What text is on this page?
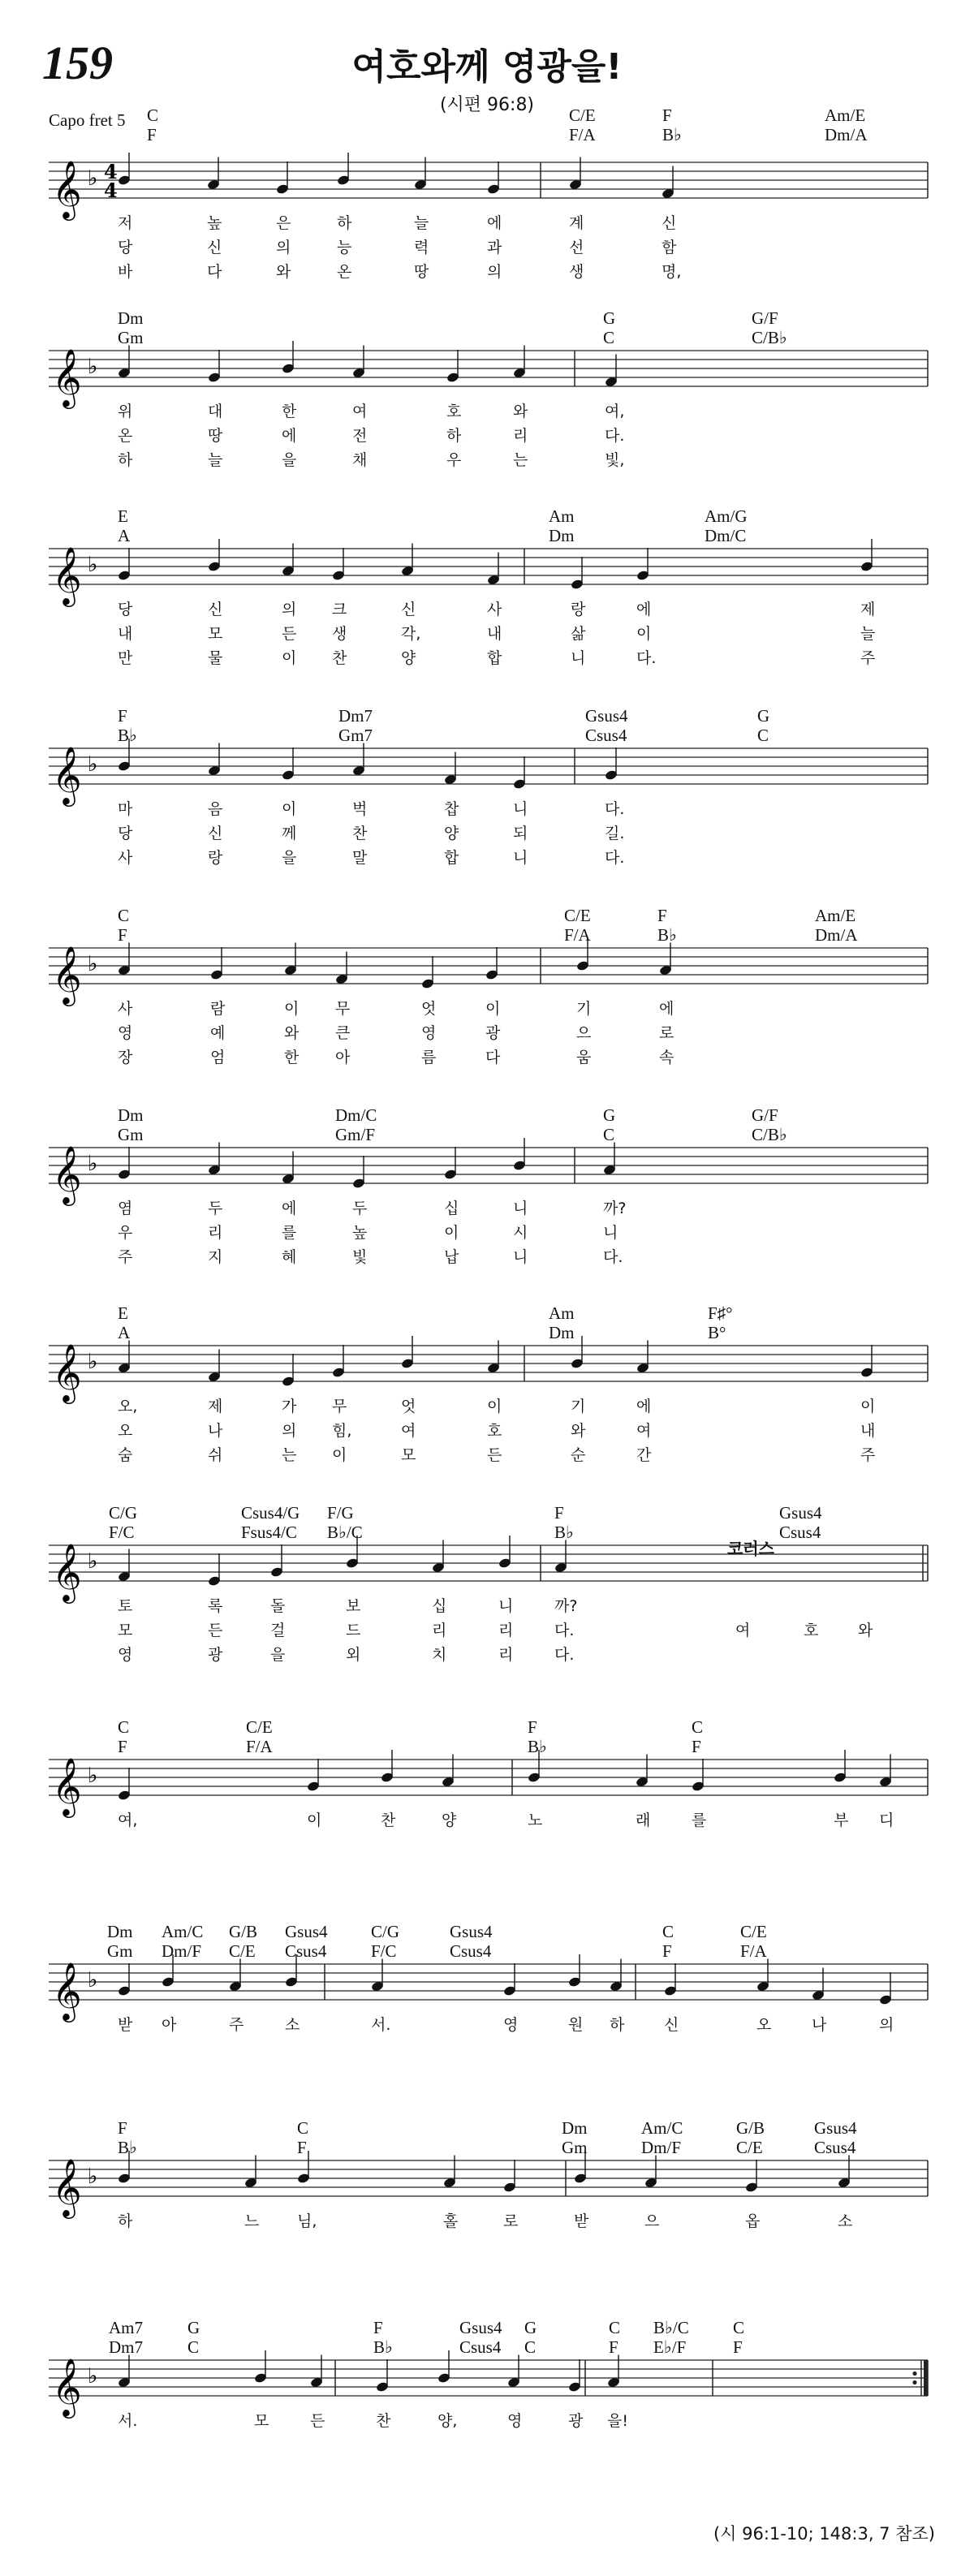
159	여호와께 영광을!
(시편 96:8)
Capo fret 5 C
F
C/E
F/A
F
B♭
Am/E
Dm/A
𝄞 ♭ 4
4
저	높	은	하	늘	에	계	신
당	신	의	능	력	과	선	함
바	다	와	온	땅	의	생	명,
Dm
Gm
G
C
G/F
C/B♭
𝄞 ♭
위	대	한	여	호	와	여,
온	땅	에	전	하	리	다.
하	늘	을	채	우	는	빛,
E
A
Am
Dm
Am/G
Dm/C
𝄞 ♭
당	신	의 크	신	사	랑	에	제
내	모	든 생	각,	내	삶	이	늘
만	물	이 찬	양	합	니	다.	주
F
B♭
Dm7
Gm7
Gsus4
Csus4
G
C
𝄞 ♭
마	음	이	벅	찹	니	다.
당	신	께	찬	양	되	길.
사	랑	을	말	합	니	다.
C
F
C/E
F/A
F
B♭
Am/E
Dm/A
𝄞 ♭
사	람	이 무	엇	이	기	에
영	예	와 큰	영	광	으	로
장	엄	한 아	름	다	움	속
Dm
Gm
Dm/C
Gm/F
G
C
G/F
C/B♭
𝄞 ♭
염	두	에	두	십	니	까?
우	리	를	높	이	시	니
주	지	혜	빛	납	니	다.
E
A
Am
Dm
F♯°
B°
𝄞 ♭
오,	제	가 무	엇	이	기	에	이
오	나	의 힘,	여	호	와	여	내
숨	쉬	는 이	모	든	순	간	주
C/G
F/C
Csus4/G
Fsus4/C
F/G
B♭/C
F
B♭
Gsus4
Csus4
코러스
𝄞 ♭
토	록	돌	보	십	니	까?
모	든	걸	드	리	리	다.
영	광	을	외	치	리	다.
여	호	와
C
F
C/E
F/A
F
B♭
C
F
𝄞 ♭
여,	이	찬	양	노	래	를	부 디
Dm
Gm
Am/C
Dm/F
G/B
C/E
Gsus4
Csus4
C/G
F/C
Gsus4
Csus4
C
F
C/E
F/A
𝄞 ♭
받 아	주	소	서.	영	원 하	신	오	나	의
F
B♭
C
F
Dm
Gm
Am/C
Dm/F
G/B
C/E
Gsus4
Csus4
𝄞 ♭
하	느 님,	홀	로	받	으	옵	소
Am7
Dm7
G
C
F
B♭
Gsus4
Csus4
G
C
C
F
B♭/C
E♭/F
C
F
𝄞 ♭
서.	모	든	찬	양,	영	광 을!
(시 96:1-10; 148:3, 7 참조)
